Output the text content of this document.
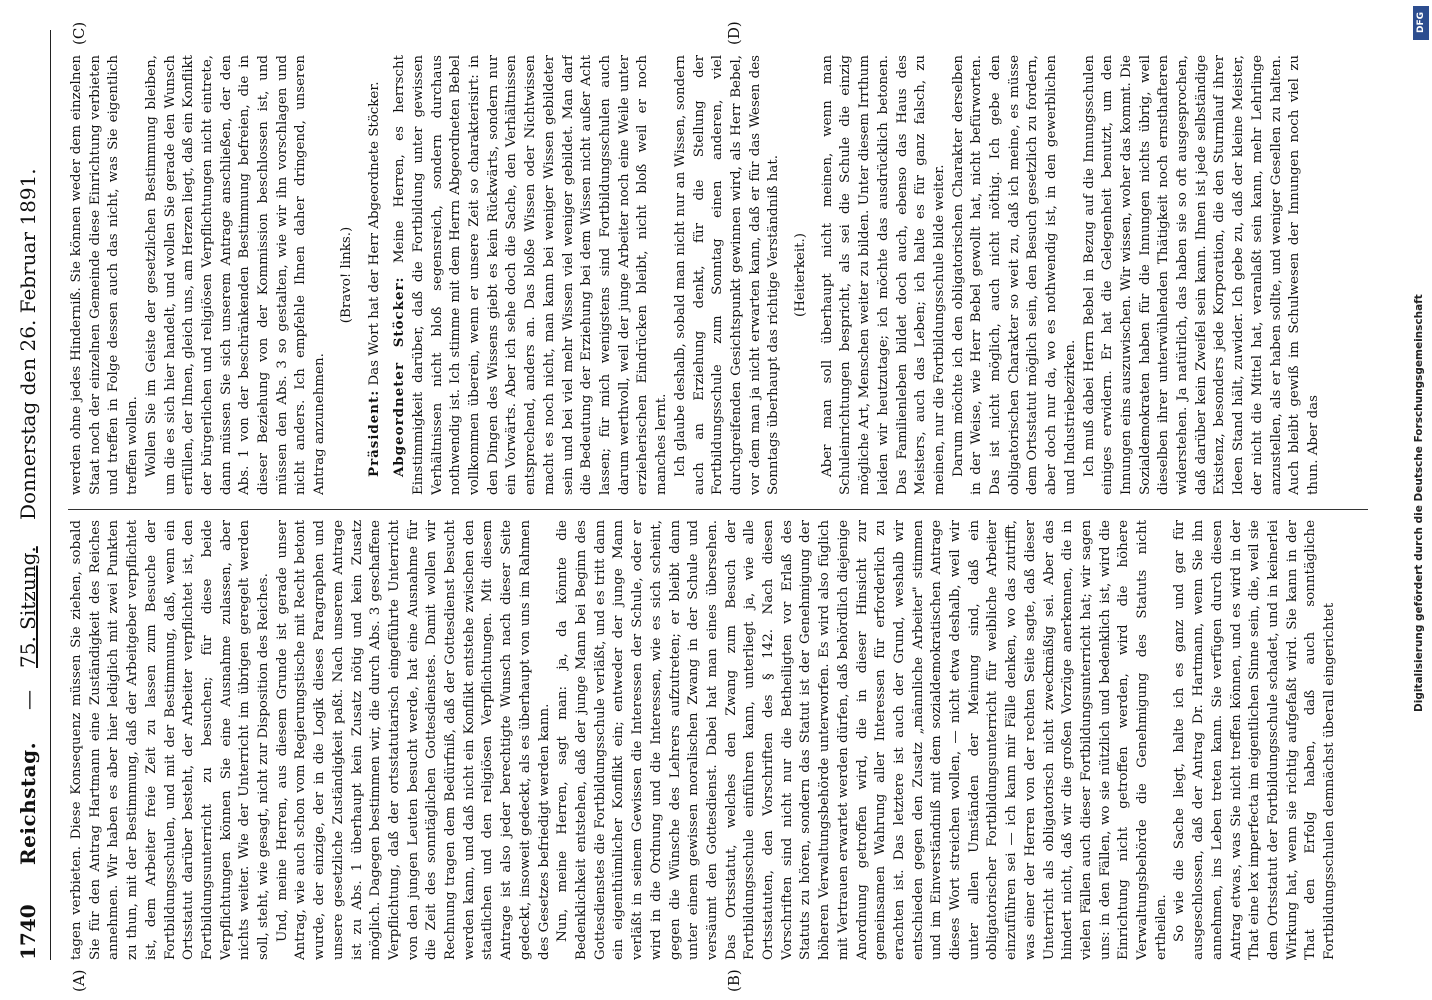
1740
Reichstag.
—
75. Sitzung.
Donnerstag den 26. Februar 1891.
(A)	(B)
(C)	(D)

tagen verbieten. Diese Konsequenz müssen Sie ziehen, sobald Sie für den Antrag Hartmann eine Zuständigkeit des Reiches annehmen. Wir haben es aber hier lediglich mit zwei Punkten zu thun, mit der Bestimmung, daß der Arbeitgeber verpflichtet ist, dem Arbeiter freie Zeit zu lassen zum Besuche der Fortbildungsschulen, und mit der Bestimmung, daß, wenn ein Ortsstatut darüber besteht, der Arbeiter verpflichtet ist, den Fortbildungsunterricht zu besuchen; für diese beide Verpflichtungen können Sie eine Ausnahme zulassen, aber nichts weiter. Wie der Unterricht im übrigen geregelt werden soll, steht, wie gesagt, nicht zur Disposition des Reiches. Und, meine Herren, aus diesem Grunde ist gerade unser Antrag, wie auch schon vom Regierungstische mit Recht betont wurde, der einzige, der in die Logik dieses Paragraphen und unsere gesetzliche Zuständigkeit paßt. Nach unserem Antrage ist zu Abs. 1 überhaupt kein Zusatz nötig und kein Zusatz möglich. Dagegen bestimmen wir, die durch Abs. 3 geschaffene Verpflichtung, daß der ortsstatutarisch eingeführte Unterricht von den jungen Leuten besucht werde, hat eine Ausnahme für die Zeit des sonntäglichen Gottesdienstes. Damit wollen wir Rechnung tragen dem Bedürfniß, daß der Gottesdienst besucht werden kann, und daß nicht ein Konflikt entstehe zwischen den staatlichen und den religiösen Verpflichtungen. Mit diesem Antrage ist also jeder berechtigte Wunsch nach dieser Seite gedeckt, insoweit gedeckt, als es überhaupt von uns im Rahmen des Gesetzes befriedigt werden kann. Nun, meine Herren, sagt man: ja, da könnte die Bedenklichkeit entstehen, daß der junge Mann bei Beginn des Gottesdienstes die Fortbildungsschule verläßt, und es tritt dann ein eigenthümlicher Konflikt ein; entweder der junge Mann verläßt in seinem Gewissen die Interessen der Schule, oder er wird in die Ordnung und die Interessen, wie es sich scheint, gegen die Wünsche des Lehrers aufzutreten; er bleibt dann unter einem gewissen moralischen Zwang in der Schule und versäumt den Gottesdienst. Dabei hat man eines übersehen. Das Ortsstatut, welches den Zwang zum Besuch der Fortbildungsschule einführen kann, unterliegt ja, wie alle Ortsstatuten, den Vorschriften des § 142. Nach diesen Vorschriften sind nicht nur die Betheiligten vor Erlaß des Statuts zu hören, sondern das Statut ist der Genehmigung der höheren Verwaltungsbehörde unterworfen. Es wird also füglich mit Vertrauen erwartet werden dürfen, daß behördlich diejenige Anordnung getroffen wird, die in dieser Hinsicht zur gemeinsamen Wahrung aller Interessen für erforderlich zu erachten ist. Das letztere ist auch der Grund, weshalb wir entschieden gegen den Zusatz „männliche Arbeiter" stimmen und im Einverständniß mit dem sozialdemokratischen Antrage dieses Wort streichen wollen, — nicht etwa deshalb, weil wir unter allen Umständen der Meinung sind, daß ein obligatorischer Fortbildungsunterricht für weibliche Arbeiter einzuführen sei — ich kann mir Fälle denken, wo das zutrifft, was einer der Herren von der rechten Seite sagte, daß dieser Unterricht als obligatorisch nicht zweckmäßig sei. Aber das hindert nicht, daß wir die großen Vorzüge anerkennen, die in vielen Fällen auch dieser Fortbildungsunterricht hat; wir sagen uns: in den Fällen, wo sie nützlich und bedenklich ist, wird die Einrichtung nicht getroffen werden, wird die höhere Verwaltungsbehörde die Genehmigung des Statuts nicht ertheilen. So wie die Sache liegt, halte ich es ganz und gar für ausgeschlossen, daß der Antrag Dr. Hartmann, wenn Sie ihn annehmen, ins Leben treten kann. Sie verfügen durch diesen Antrag etwas, was Sie nicht treffen können, und es wird in der That eine lex imperfecta im eigentlichen Sinne sein, die, weil sie dem Ortsstatut der Fortbildungsschule schadet, und in keinerlei Wirkung hat, wenn sie richtig aufgefaßt wird. Sie kann in der That den Erfolg haben, daß auch sonntägliche Fortbildungsschulen demnächst überall eingerichtet

werden ohne jedes Hinderniß. Sie können weder dem einzelnen Staat noch der einzelnen Gemeinde diese Einrichtung verbieten und treffen in Folge dessen auch das nicht, was Sie eigentlich treffen wollen. Wollen Sie im Geiste der gesetzlichen Bestimmung bleiben, um die es sich hier handelt, und wollen Sie gerade den Wunsch erfüllen, der Ihnen, gleich uns, am Herzen liegt, daß ein Konflikt der bürgerlichen und religiösen Verpflichtungen nicht eintrete, dann müssen Sie sich unserem Antrage anschließen, der den Abs. 1 von der beschränkenden Bestimmung befreien, die in dieser Beziehung von der Kommission beschlossen ist, und müssen den Abs. 3 so gestalten, wie wir ihn vorschlagen und nicht anders. Ich empfehle Ihnen daher dringend, unseren Antrag anzunehmen.

(Bravo! links.)

Präsident: Das Wort hat der Herr Abgeordnete Stöcker. Abgeordneter Stöcker: Meine Herren, es herrscht Einstimmigkeit darüber, daß die Fortbildung unter gewissen Verhältnissen nicht bloß segensreich, sondern durchaus nothwendig ist. Ich stimme mit dem Herrn Abgeordneten Bebel vollkommen überein, wenn er unsere Zeit so charakterisirt: in den Dingen des Wissens giebt es kein Rückwärts, sondern nur ein Vorwärts. Aber ich sehe doch die Sache, den Verhältnissen entsprechend, anders an. Das bloße Wissen oder Nichtwissen macht es noch nicht, man kann bei weniger Wissen gebildeter sein und bei viel mehr Wissen viel weniger gebildet. Man darf die Bedeutung der Erziehung bei dem Wissen nicht außer Acht lassen; für mich wenigstens sind Fortbildungsschulen auch darum werthvoll, weil der junge Arbeiter noch eine Weile unter erzieherischen Eindrücken bleibt, nicht bloß weil er noch manches lernt. Ich glaube deshalb, sobald man nicht nur an Wissen, sondern auch an Erziehung denkt, für die Stellung der Fortbildungsschule zum Sonntag einen anderen, viel durchgreifenden Gesichtspunkt gewinnen wird, als Herr Bebel, vor dem man ja nicht erwarten kann, daß er für das Wesen des Sonntags überhaupt das richtige Verständniß hat. (Heiterkeit.) Aber man soll überhaupt nicht meinen, wenn man Schuleinrichtungen bespricht, als sei die Schule die einzig mögliche Art, Menschen weiter zu bilden. Unter diesem Irrthum leiden wir heutzutage; ich möchte das ausdrücklich betonen. Das Familienleben bildet doch auch, ebenso das Haus des Meisters, auch das Leben; ich halte es für ganz falsch, zu meinen, nur die Fortbildungsschule bilde weiter. Darum möchte ich den obligatorischen Charakter derselben in der Weise, wie Herr Bebel gewollt hat, nicht befürworten. Das ist nicht möglich, auch nicht nöthig. Ich gebe den obligatorischen Charakter so weit zu, daß ich meine, es müsse dem Ortsstatut möglich sein, den Besuch gesetzlich zu fordern, aber doch nur da, wo es nothwendig ist, in den gewerblichen und Industriebezirken. Ich muß dabei Herrn Bebel in Bezug auf die Innungsschulen einiges erwidern. Er hat die Gelegenheit benutzt, um den Innungen eins auszuwischen. Wir wissen, woher das kommt. Die Sozialdemokraten haben für die Innungen nichts übrig, weil dieselben ihrer unterwühlenden Thätigkeit noch ernsthafteren widerstehen. Ja natürlich, das haben sie so oft ausgesprochen, daß darüber kein Zweifel sein kann. Ihnen ist jede selbständige Existenz, besonders jede Korporation, die den Sturmlauf ihrer Ideen Stand hält, zuwider. Ich gebe zu, daß der kleine Meister, der nicht die Mittel hat, veranlaßt sein kann, mehr Lehrlinge anzustellen, als er haben sollte, und weniger Gesellen zu halten. Auch bleibt gewiß im Schulwesen der Innungen noch viel zu thun. Aber das

DFG
Digitalisierung gefördert durch die Deutsche Forschungsgemeinschaft
